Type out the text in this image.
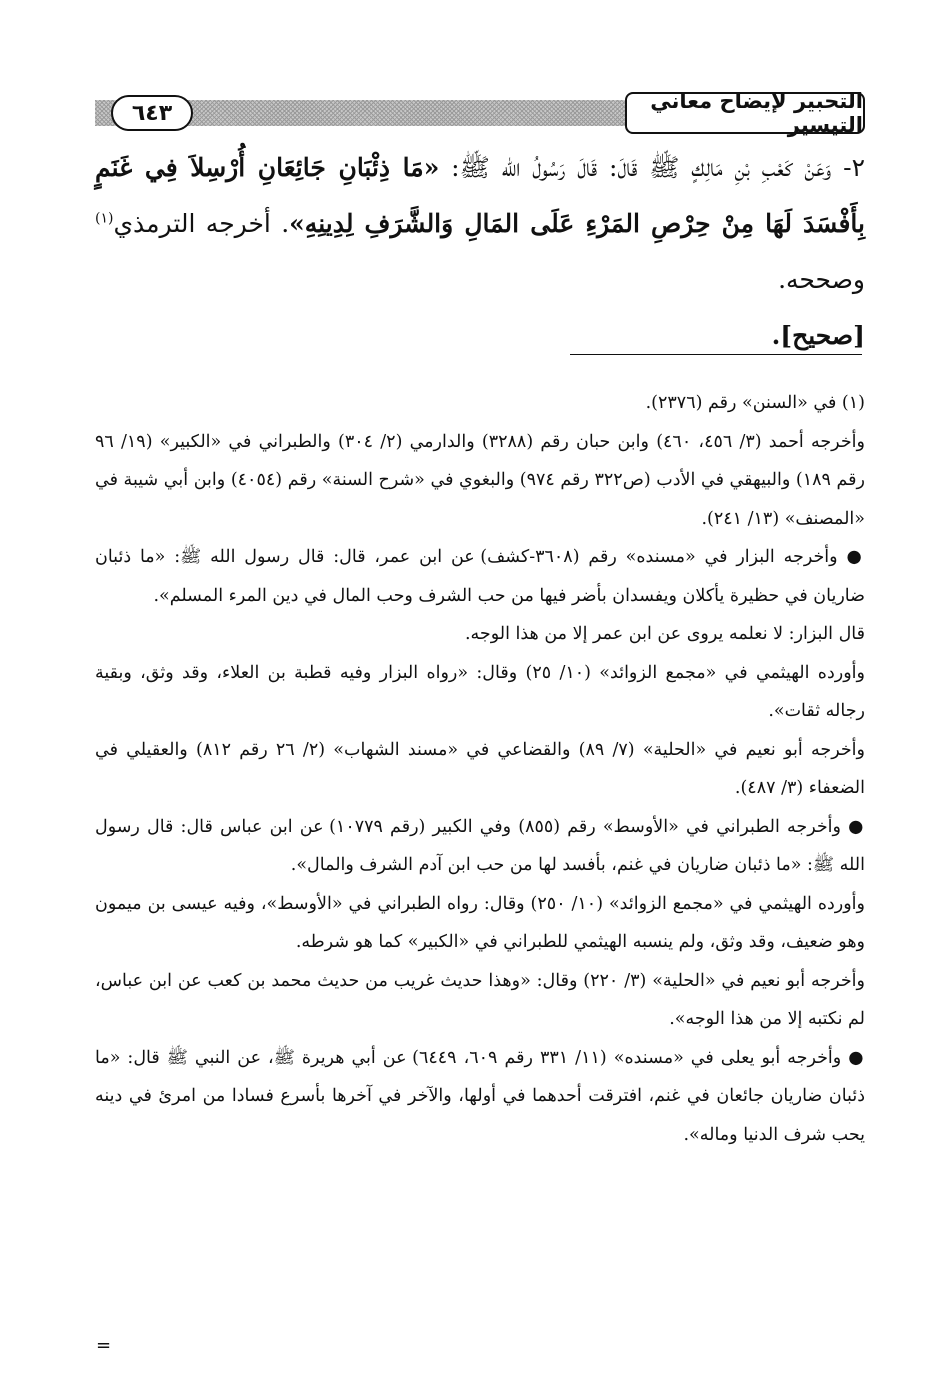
التحبير لإيضاح معاني التيسير
٦٤٣
٢- وَعَنْ كَعْبِ بْنِ مَالِكٍ ﷺ قَالَ: قَالَ رَسُولُ الله ﷺ: «مَا ذِئْبَانِ جَائِعَانِ أُرْسِلاَ فِي غَنَمٍ بِأَفْسَدَ لَهَا مِنْ حِرْصِ المَرْءِ عَلَى المَالِ وَالشَّرَفِ لِدِينِهِ». أخرجه الترمذي$^{(١)}$ وصححه.
[صحيح].

(١) في «السنن» رقم (٢٣٧٦).

وأخرجه أحمد (٣/ ٤٥٦، ٤٦٠) وابن حبان رقم (٣٢٨٨) والدارمي (٢/ ٣٠٤) والطبراني في «الكبير» (١٩/ ٩٦ رقم ١٨٩) والبيهقي في الأدب (ص٣٢٢ رقم ٩٧٤) والبغوي في «شرح السنة» رقم (٤٠٥٤) وابن أبي شيبة في «المصنف» (١٣/ ٢٤١).

● وأخرجه البزار في «مسنده» رقم (٣٦٠٨-كشف) عن ابن عمر، قال: قال رسول الله ﷺ: «ما ذئبان ضاريان في حظيرة يأكلان ويفسدان بأضر فيها من حب الشرف وحب المال في دين المرء المسلم».

قال البزار: لا نعلمه يروى عن ابن عمر إلا من هذا الوجه.

وأورده الهيثمي في «مجمع الزوائد» (١٠/ ٢٥) وقال: «رواه البزار وفيه قطبة بن العلاء، وقد وثق، وبقية رجاله ثقات».

وأخرجه أبو نعيم في «الحلية» (٧/ ٨٩) والقضاعي في «مسند الشهاب» (٢/ ٢٦ رقم ٨١٢) والعقيلي في الضعفاء (٣/ ٤٨٧).

● وأخرجه الطبراني في «الأوسط» رقم (٨٥٥) وفي الكبير (رقم ١٠٧٧٩) عن ابن عباس قال: قال رسول الله ﷺ: «ما ذئبان ضاريان في غنم، بأفسد لها من حب ابن آدم الشرف والمال».

وأورده الهيثمي في «مجمع الزوائد» (١٠/ ٢٥٠) وقال: رواه الطبراني في «الأوسط»، وفيه عيسى بن ميمون وهو ضعيف، وقد وثق، ولم ينسبه الهيثمي للطبراني في «الكبير» كما هو شرطه.

وأخرجه أبو نعيم في «الحلية» (٣/ ٢٢٠) وقال: «وهذا حديث غريب من حديث محمد بن كعب عن ابن عباس، لم نكتبه إلا من هذا الوجه».

● وأخرجه أبو يعلى في «مسنده» (١١/ ٣٣١ رقم ٦٠٩، ٦٤٤٩) عن أبي هريرة ﷺ، عن النبي ﷺ قال: «ما ذئبان ضاريان جائعان في غنم، افترقت أحدهما في أولها، والآخر في آخرها بأسرع فسادا من امرئ في دينه يحب شرف الدنيا وماله».

=
